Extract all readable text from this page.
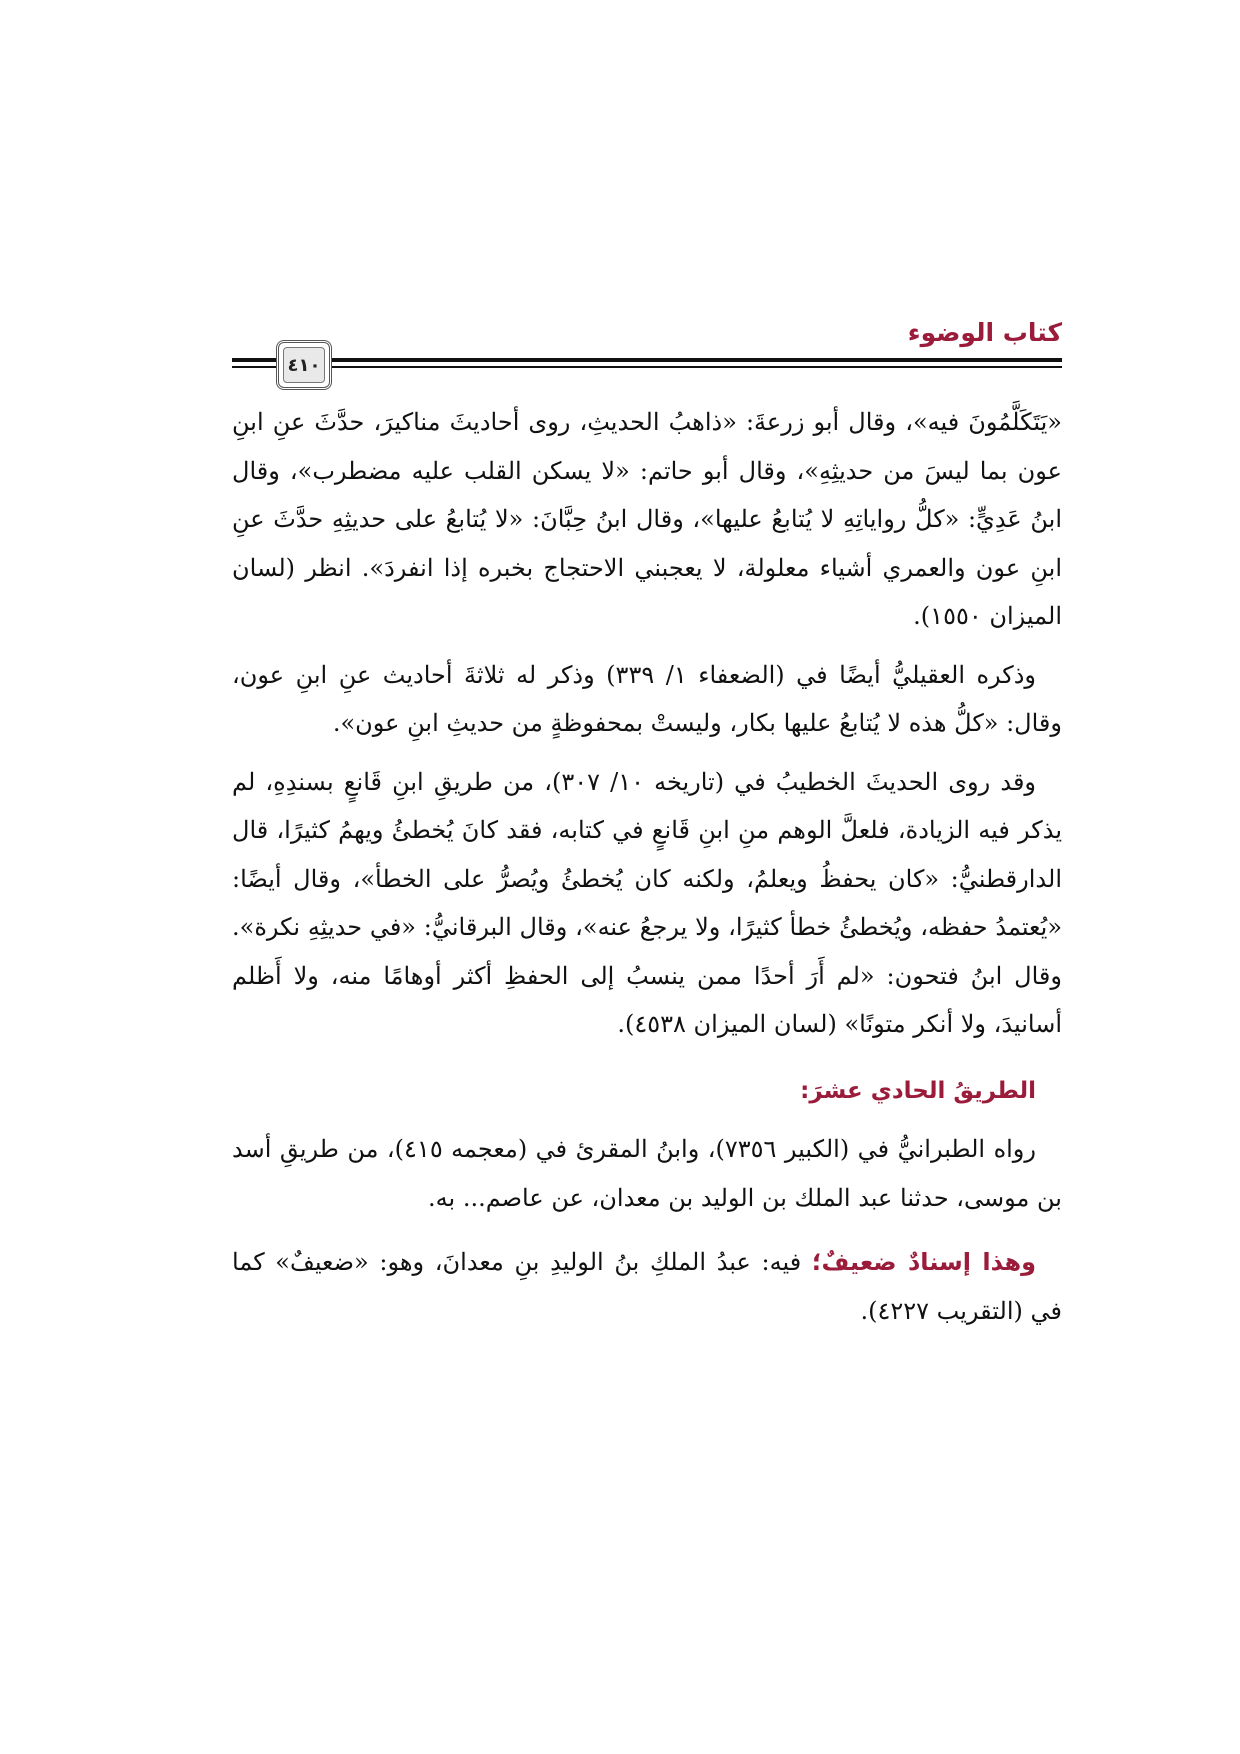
كتاب الوضوء
٤١٠

«يَتَكَلَّمُونَ فيه»، وقال أبو زرعةَ: «ذاهبُ الحديثِ، روى أحاديثَ مناكيرَ، حدَّثَ عنِ ابنِ عون بما ليسَ من حديثِهِ»، وقال أبو حاتم: «لا يسكن القلب عليه مضطرب»، وقال ابنُ عَدِيٍّ: «كلُّ رواياتِهِ لا يُتابعُ عليها»، وقال ابنُ حِبَّانَ: «لا يُتابعُ على حديثِهِ حدَّثَ عنِ ابنِ عون والعمري أشياء معلولة، لا يعجبني الاحتجاج بخبره إذا انفردَ». انظر (لسان الميزان ١٥٥٠).

وذكره العقيليُّ أيضًا في (الضعفاء ١/ ٣٣٩) وذكر له ثلاثةَ أحاديث عنِ ابنِ عون، وقال: «كلُّ هذه لا يُتابعُ عليها بكار، وليستْ بمحفوظةٍ من حديثِ ابنِ عون».

وقد روى الحديثَ الخطيبُ في (تاريخه ١٠/ ٣٠٧)، من طريقِ ابنِ قَانعٍ بسندِهِ، لم يذكر فيه الزيادة، فلعلَّ الوهم منِ ابنِ قَانعٍ في كتابه، فقد كانَ يُخطئُ ويهمُ كثيرًا، قال الدارقطنيُّ: «كان يحفظُ ويعلمُ، ولكنه كان يُخطئُ ويُصرُّ على الخطأ»، وقال أيضًا: «يُعتمدُ حفظه، ويُخطئُ خطأ كثيرًا، ولا يرجعُ عنه»، وقال البرقانيُّ: «في حديثِهِ نكرة». وقال ابنُ فتحون: «لم أَرَ أحدًا ممن ينسبُ إلى الحفظِ أكثر أوهامًا منه، ولا أَظلم أسانيدَ، ولا أنكر متونًا» (لسان الميزان ٤٥٣٨).

الطريقُ الحادي عشرَ:

رواه الطبرانيُّ في (الكبير ٧٣٥٦)، وابنُ المقرئ في (معجمه ٤١٥)، من طريقِ أسد بن موسى، حدثنا عبد الملك بن الوليد بن معدان، عن عاصم... به.

وهذا إسنادٌ ضعيفٌ؛ فيه: عبدُ الملكِ بنُ الوليدِ بنِ معدانَ، وهو: «ضعيفٌ» كما في (التقريب ٤٢٢٧).
